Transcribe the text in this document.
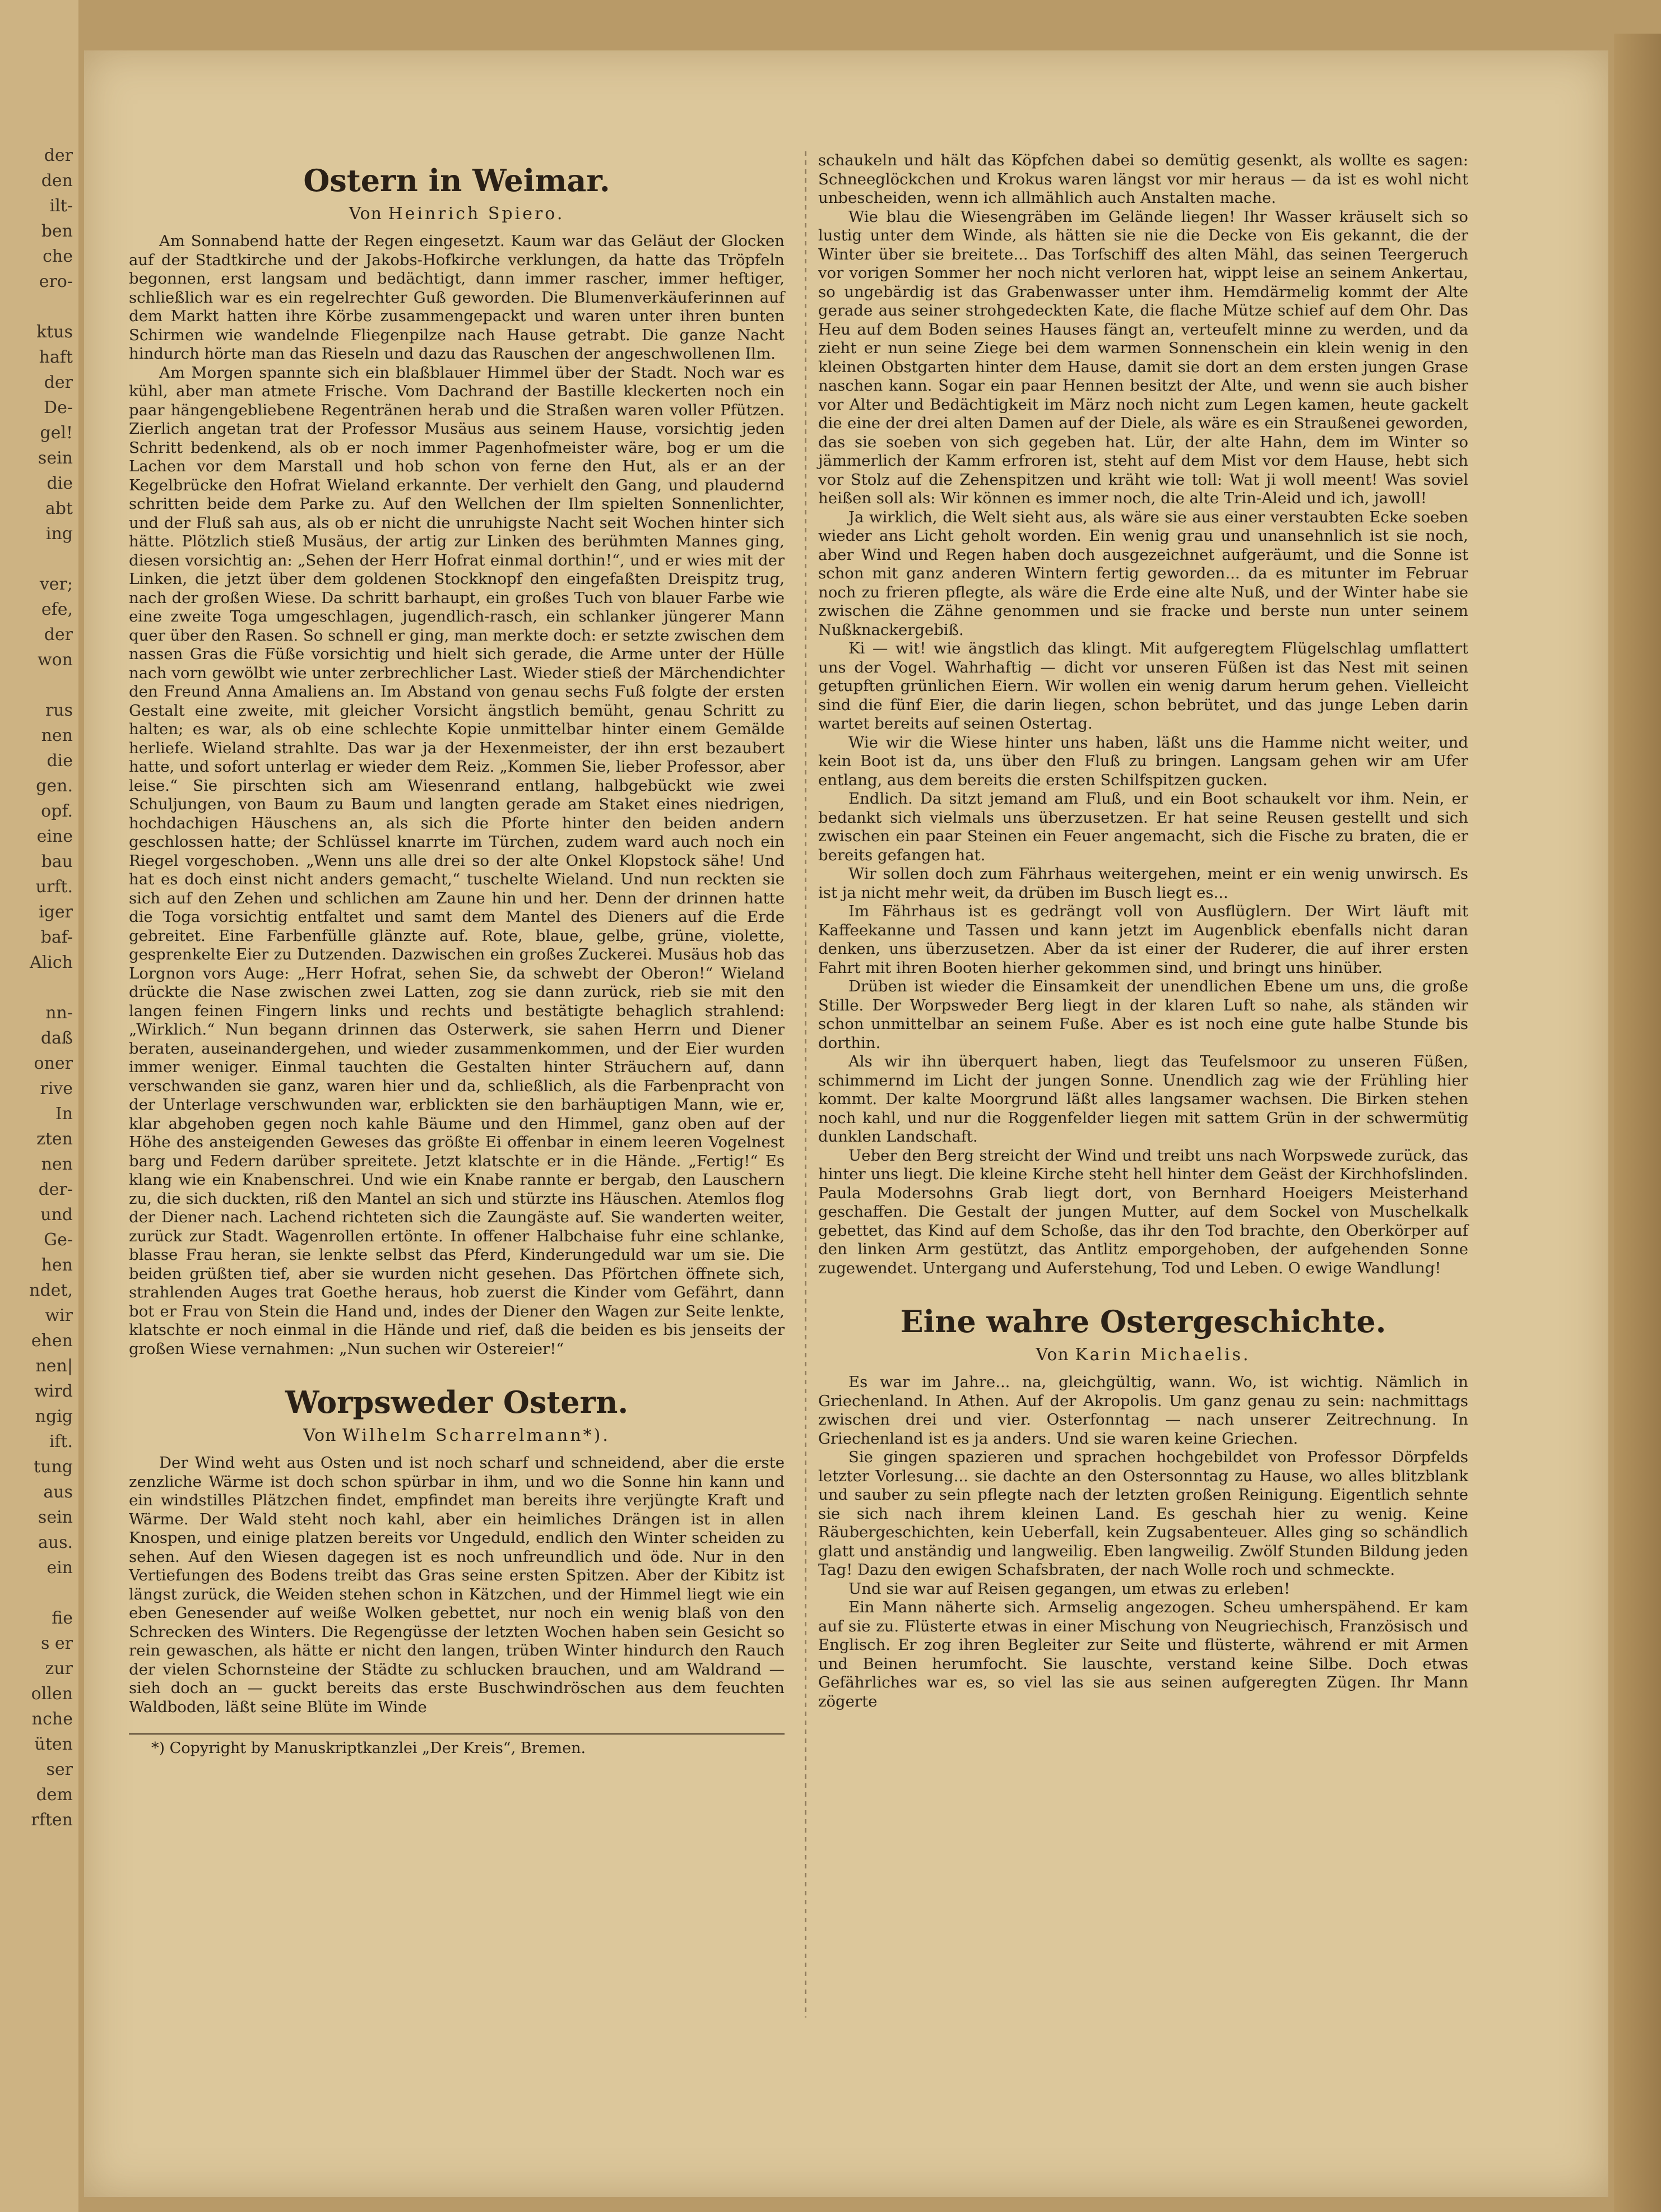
der
den
ilt-
ben
che
ero-

ktus
haft
der
De-
gel!
sein
die
abt
ing

ver;
efe,
der
won

rus
nen
die
gen.
opf.
eine
bau
urft.
iger
baf-
Alich

nn-
daß
oner
rive
In
zten
nen
der-
und
Ge-
hen
ndet,
wir
ehen
nen|
wird
ngig
ift.
tung
aus
sein
aus.
ein

fie
s er
zur
ollen
nche
üten
ser
dem
rften
Ostern in Weimar.
Von Heinrich Spiero.

Am Sonnabend hatte der Regen eingesetzt. Kaum war das Geläut der Glocken auf der Stadtkirche und der Jakobs-Hofkirche verklungen, da hatte das Tröpfeln begonnen, erst langsam und bedächtigt, dann immer rascher, immer heftiger, schließlich war es ein regelrechter Guß geworden. Die Blumenverkäuferinnen auf dem Markt hatten ihre Körbe zusammengepackt und waren unter ihren bunten Schirmen wie wandelnde Fliegenpilze nach Hause getrabt. Die ganze Nacht hindurch hörte man das Rieseln und dazu das Rauschen der angeschwollenen Ilm.

Am Morgen spannte sich ein blaßblauer Himmel über der Stadt. Noch war es kühl, aber man atmete Frische. Vom Dachrand der Bastille kleckerten noch ein paar hängengebliebene Regentränen herab und die Straßen waren voller Pfützen. Zierlich angetan trat der Professor Musäus aus seinem Hause, vorsichtig jeden Schritt bedenkend, als ob er noch immer Pagenhofmeister wäre, bog er um die Lachen vor dem Marstall und hob schon von ferne den Hut, als er an der Kegelbrücke den Hofrat Wieland erkannte. Der verhielt den Gang, und plaudernd schritten beide dem Parke zu. Auf den Wellchen der Ilm spielten Sonnenlichter, und der Fluß sah aus, als ob er nicht die unruhigste Nacht seit Wochen hinter sich hätte. Plötzlich stieß Musäus, der artig zur Linken des berühmten Mannes ging, diesen vorsichtig an: „Sehen der Herr Hofrat einmal dorthin!“, und er wies mit der Linken, die jetzt über dem goldenen Stockknopf den eingefaßten Dreispitz trug, nach der großen Wiese. Da schritt barhaupt, ein großes Tuch von blauer Farbe wie eine zweite Toga umgeschlagen, jugendlich-rasch, ein schlanker jüngerer Mann quer über den Rasen. So schnell er ging, man merkte doch: er setzte zwischen dem nassen Gras die Füße vorsichtig und hielt sich gerade, die Arme unter der Hülle nach vorn gewölbt wie unter zerbrechlicher Last. Wieder stieß der Märchendichter den Freund Anna Amaliens an. Im Abstand von genau sechs Fuß folgte der ersten Gestalt eine zweite, mit gleicher Vorsicht ängstlich bemüht, genau Schritt zu halten; es war, als ob eine schlechte Kopie unmittelbar hinter einem Gemälde herliefe. Wieland strahlte. Das war ja der Hexenmeister, der ihn erst bezaubert hatte, und sofort unterlag er wieder dem Reiz. „Kommen Sie, lieber Professor, aber leise.“ Sie pirschten sich am Wiesenrand entlang, halbgebückt wie zwei Schuljungen, von Baum zu Baum und langten gerade am Staket eines niedrigen, hochdachigen Häuschens an, als sich die Pforte hinter den beiden andern geschlossen hatte; der Schlüssel knarrte im Türchen, zudem ward auch noch ein Riegel vorgeschoben. „Wenn uns alle drei so der alte Onkel Klopstock sähe! Und hat es doch einst nicht anders gemacht,“ tuschelte Wieland. Und nun reckten sie sich auf den Zehen und schlichen am Zaune hin und her. Denn der drinnen hatte die Toga vorsichtig entfaltet und samt dem Mantel des Dieners auf die Erde gebreitet. Eine Farbenfülle glänzte auf. Rote, blaue, gelbe, grüne, violette, gesprenkelte Eier zu Dutzenden. Dazwischen ein großes Zuckerei. Musäus hob das Lorgnon vors Auge: „Herr Hofrat, sehen Sie, da schwebt der Oberon!“ Wieland drückte die Nase zwischen zwei Latten, zog sie dann zurück, rieb sie mit den langen feinen Fingern links und rechts und bestätigte behaglich strahlend: „Wirklich.“ Nun begann drinnen das Osterwerk, sie sahen Herrn und Diener beraten, auseinandergehen, und wieder zusammenkommen, und der Eier wurden immer weniger. Einmal tauchten die Gestalten hinter Sträuchern auf, dann verschwanden sie ganz, waren hier und da, schließlich, als die Farbenpracht von der Unterlage verschwunden war, erblickten sie den barhäuptigen Mann, wie er, klar abgehoben gegen noch kahle Bäume und den Himmel, ganz oben auf der Höhe des ansteigenden Geweses das größte Ei offenbar in einem leeren Vogelnest barg und Federn darüber spreitete. Jetzt klatschte er in die Hände. „Fertig!“ Es klang wie ein Knabenschrei. Und wie ein Knabe rannte er bergab, den Lauschern zu, die sich duckten, riß den Mantel an sich und stürzte ins Häuschen. Atemlos flog der Diener nach. Lachend richteten sich die Zaungäste auf. Sie wanderten weiter, zurück zur Stadt. Wagenrollen ertönte. In offener Halbchaise fuhr eine schlanke, blasse Frau heran, sie lenkte selbst das Pferd, Kinderungeduld war um sie. Die beiden grüßten tief, aber sie wurden nicht gesehen. Das Pförtchen öffnete sich, strahlenden Auges trat Goethe heraus, hob zuerst die Kinder vom Gefährt, dann bot er Frau von Stein die Hand und, indes der Diener den Wagen zur Seite lenkte, klatschte er noch einmal in die Hände und rief, daß die beiden es bis jenseits der großen Wiese vernahmen: „Nun suchen wir Ostereier!“

Worpsweder Ostern.
Von Wilhelm Scharrelmann*).

Der Wind weht aus Osten und ist noch scharf und schneidend, aber die erste zenzliche Wärme ist doch schon spürbar in ihm, und wo die Sonne hin kann und ein windstilles Plätzchen findet, empfindet man bereits ihre verjüngte Kraft und Wärme. Der Wald steht noch kahl, aber ein heimliches Drängen ist in allen Knospen, und einige platzen bereits vor Ungeduld, endlich den Winter scheiden zu sehen. Auf den Wiesen dagegen ist es noch unfreundlich und öde. Nur in den Vertiefungen des Bodens treibt das Gras seine ersten Spitzen. Aber der Kibitz ist längst zurück, die Weiden stehen schon in Kätzchen, und der Himmel liegt wie ein eben Genesender auf weiße Wolken gebettet, nur noch ein wenig blaß von den Schrecken des Winters. Die Regengüsse der letzten Wochen haben sein Gesicht so rein gewaschen, als hätte er nicht den langen, trüben Winter hindurch den Rauch der vielen Schornsteine der Städte zu schlucken brauchen, und am Waldrand — sieh doch an — guckt bereits das erste Buschwindröschen aus dem feuchten Waldboden, läßt seine Blüte im Winde

*) Copyright by Manuskriptkanzlei „Der Kreis“, Bremen.

schaukeln und hält das Köpfchen dabei so demütig gesenkt, als wollte es sagen: Schneeglöckchen und Krokus waren längst vor mir heraus — da ist es wohl nicht unbescheiden, wenn ich allmählich auch Anstalten mache.

Wie blau die Wiesengräben im Gelände liegen! Ihr Wasser kräuselt sich so lustig unter dem Winde, als hätten sie nie die Decke von Eis gekannt, die der Winter über sie breitete... Das Torfschiff des alten Mähl, das seinen Teergeruch vor vorigen Sommer her noch nicht verloren hat, wippt leise an seinem Ankertau, so ungebärdig ist das Grabenwasser unter ihm. Hemdärmelig kommt der Alte gerade aus seiner strohgedeckten Kate, die flache Mütze schief auf dem Ohr. Das Heu auf dem Boden seines Hauses fängt an, verteufelt minne zu werden, und da zieht er nun seine Ziege bei dem warmen Sonnenschein ein klein wenig in den kleinen Obstgarten hinter dem Hause, damit sie dort an dem ersten jungen Grase naschen kann. Sogar ein paar Hennen besitzt der Alte, und wenn sie auch bisher vor Alter und Bedächtigkeit im März noch nicht zum Legen kamen, heute gackelt die eine der drei alten Damen auf der Diele, als wäre es ein Straußenei geworden, das sie soeben von sich gegeben hat. Lür, der alte Hahn, dem im Winter so jämmerlich der Kamm erfroren ist, steht auf dem Mist vor dem Hause, hebt sich vor Stolz auf die Zehenspitzen und kräht wie toll: Wat ji woll meent! Was soviel heißen soll als: Wir können es immer noch, die alte Trin-Aleid und ich, jawoll!

Ja wirklich, die Welt sieht aus, als wäre sie aus einer verstaubten Ecke soeben wieder ans Licht geholt worden. Ein wenig grau und unansehnlich ist sie noch, aber Wind und Regen haben doch ausgezeichnet aufgeräumt, und die Sonne ist schon mit ganz anderen Wintern fertig geworden... da es mitunter im Februar noch zu frieren pflegte, als wäre die Erde eine alte Nuß, und der Winter habe sie zwischen die Zähne genommen und sie fracke und berste nun unter seinem Nußknackergebiß.

Ki — wit! wie ängstlich das klingt. Mit aufgeregtem Flügelschlag umflattert uns der Vogel. Wahrhaftig — dicht vor unseren Füßen ist das Nest mit seinen getupften grünlichen Eiern. Wir wollen ein wenig darum herum gehen. Vielleicht sind die fünf Eier, die darin liegen, schon bebrütet, und das junge Leben darin wartet bereits auf seinen Ostertag.

Wie wir die Wiese hinter uns haben, läßt uns die Hamme nicht weiter, und kein Boot ist da, uns über den Fluß zu bringen. Langsam gehen wir am Ufer entlang, aus dem bereits die ersten Schilfspitzen gucken.

Endlich. Da sitzt jemand am Fluß, und ein Boot schaukelt vor ihm. Nein, er bedankt sich vielmals uns überzusetzen. Er hat seine Reusen gestellt und sich zwischen ein paar Steinen ein Feuer angemacht, sich die Fische zu braten, die er bereits gefangen hat.

Wir sollen doch zum Fährhaus weitergehen, meint er ein wenig unwirsch. Es ist ja nicht mehr weit, da drüben im Busch liegt es...

Im Fährhaus ist es gedrängt voll von Ausflüglern. Der Wirt läuft mit Kaffeekanne und Tassen und kann jetzt im Augenblick ebenfalls nicht daran denken, uns überzusetzen. Aber da ist einer der Ruderer, die auf ihrer ersten Fahrt mit ihren Booten hierher gekommen sind, und bringt uns hinüber.

Drüben ist wieder die Einsamkeit der unendlichen Ebene um uns, die große Stille. Der Worpsweder Berg liegt in der klaren Luft so nahe, als ständen wir schon unmittelbar an seinem Fuße. Aber es ist noch eine gute halbe Stunde bis dorthin.

Als wir ihn überquert haben, liegt das Teufelsmoor zu unseren Füßen, schimmernd im Licht der jungen Sonne. Unendlich zag wie der Frühling hier kommt. Der kalte Moorgrund läßt alles langsamer wachsen. Die Birken stehen noch kahl, und nur die Roggenfelder liegen mit sattem Grün in der schwermütig dunklen Landschaft.

Ueber den Berg streicht der Wind und treibt uns nach Worpswede zurück, das hinter uns liegt. Die kleine Kirche steht hell hinter dem Geäst der Kirchhofslinden. Paula Modersohns Grab liegt dort, von Bernhard Hoeigers Meisterhand geschaffen. Die Gestalt der jungen Mutter, auf dem Sockel von Muschelkalk gebettet, das Kind auf dem Schoße, das ihr den Tod brachte, den Oberkörper auf den linken Arm gestützt, das Antlitz emporgehoben, der aufgehenden Sonne zugewendet. Untergang und Auferstehung, Tod und Leben. O ewige Wandlung!

Eine wahre Ostergeschichte.
Von Karin Michaelis.

Es war im Jahre... na, gleichgültig, wann. Wo, ist wichtig. Nämlich in Griechenland. In Athen. Auf der Akropolis. Um ganz genau zu sein: nachmittags zwischen drei und vier. Osterfonntag — nach unserer Zeitrechnung. In Griechenland ist es ja anders. Und sie waren keine Griechen.

Sie gingen spazieren und sprachen hochgebildet von Professor Dörpfelds letzter Vorlesung... sie dachte an den Ostersonntag zu Hause, wo alles blitzblank und sauber zu sein pflegte nach der letzten großen Reinigung. Eigentlich sehnte sie sich nach ihrem kleinen Land. Es geschah hier zu wenig. Keine Räubergeschichten, kein Ueberfall, kein Zugsabenteuer. Alles ging so schändlich glatt und anständig und langweilig. Eben langweilig. Zwölf Stunden Bildung jeden Tag! Dazu den ewigen Schafsbraten, der nach Wolle roch und schmeckte.

Und sie war auf Reisen gegangen, um etwas zu erleben!

Ein Mann näherte sich. Armselig angezogen. Scheu umherspähend. Er kam auf sie zu. Flüsterte etwas in einer Mischung von Neugriechisch, Französisch und Englisch. Er zog ihren Begleiter zur Seite und flüsterte, während er mit Armen und Beinen herumfocht. Sie lauschte, verstand keine Silbe. Doch etwas Gefährliches war es, so viel las sie aus seinen aufgeregten Zügen. Ihr Mann zögerte
